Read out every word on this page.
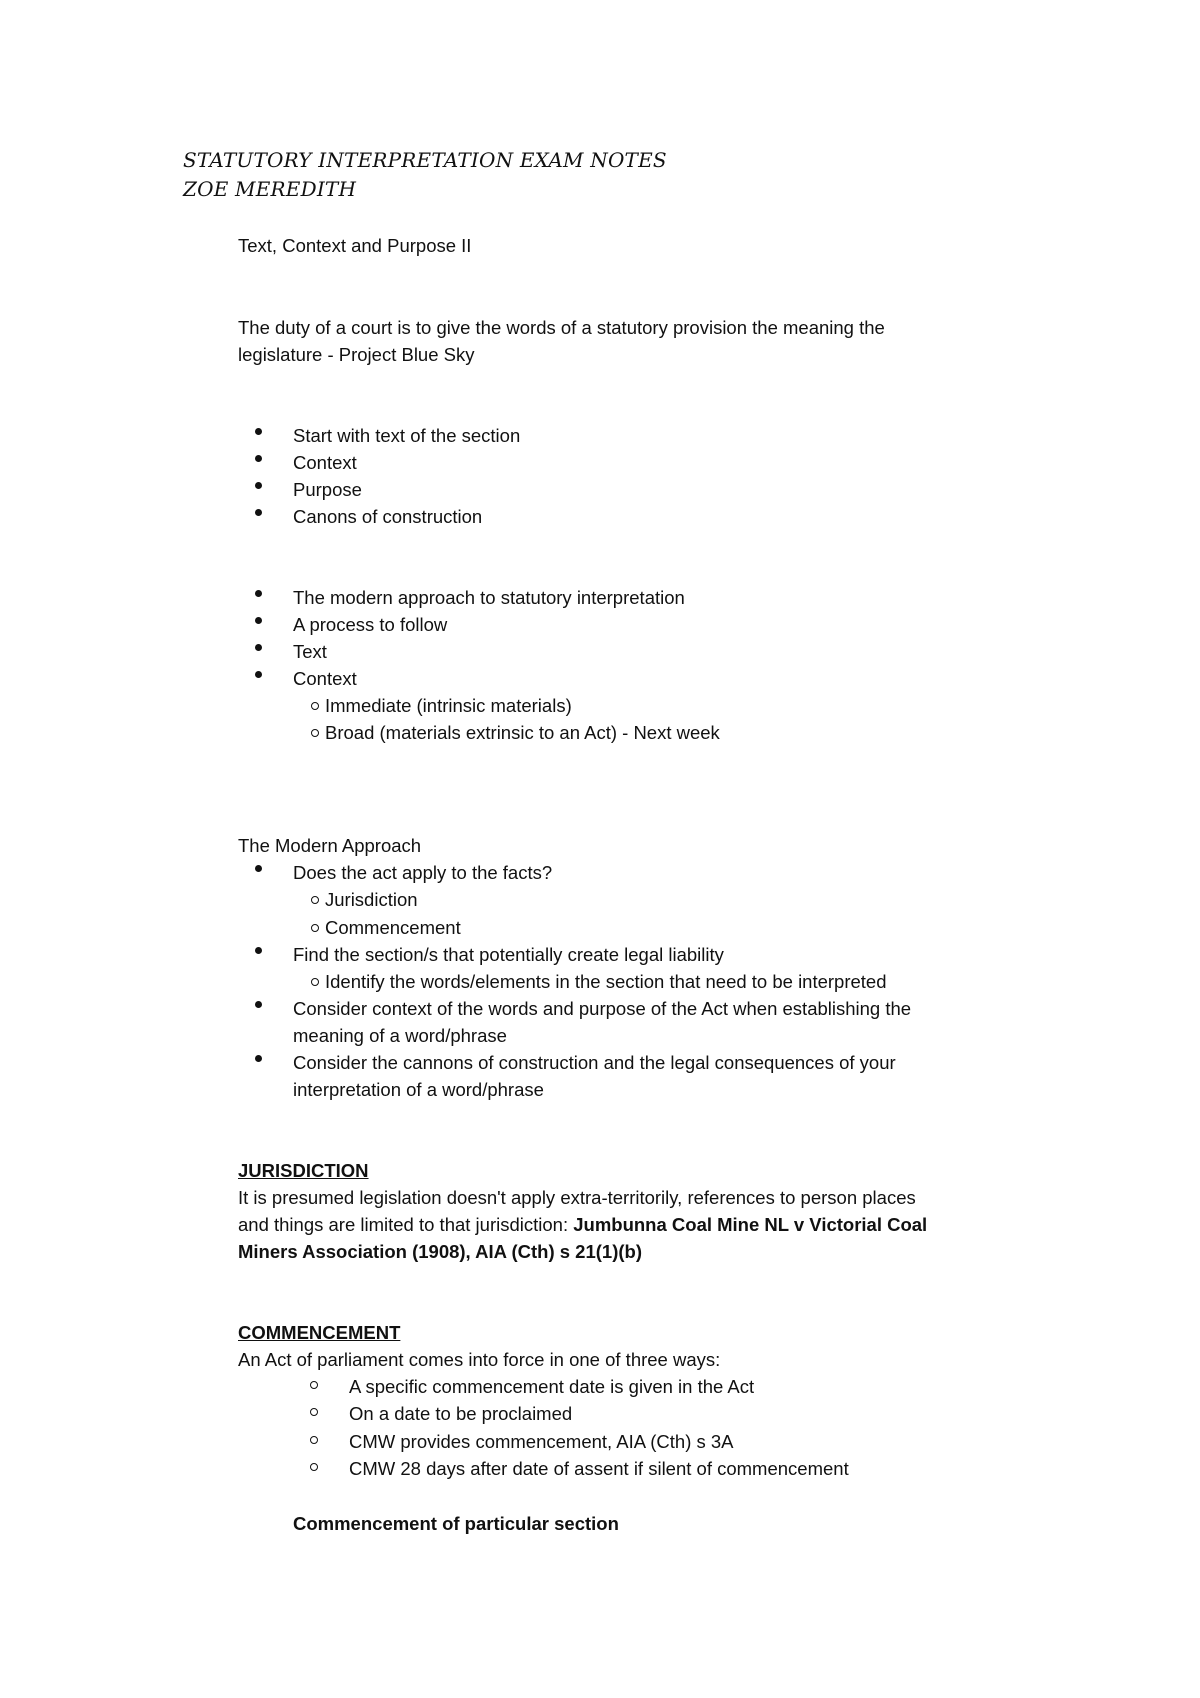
STATUTORY INTERPRETATION EXAM NOTES
ZOE MEREDITH
Text, Context and Purpose II
The duty of a court is to give the words of a statutory provision the meaning the
legislature - Project Blue Sky
Start with text of the section
Context
Purpose
Canons of construction
The modern approach to statutory interpretation
A process to follow
Text
Context
Immediate (intrinsic materials)
Broad (materials extrinsic to an Act) - Next week
The Modern Approach
Does the act apply to the facts?
Jurisdiction
Commencement
Find the section/s that potentially create legal liability
Identify the words/elements in the section that need to be interpreted
Consider context of the words and purpose of the Act when establishing the
meaning of a word/phrase
Consider the cannons of construction and the legal consequences of your
interpretation of a word/phrase
JURISDICTION
It is presumed legislation doesn't apply extra-territorily, references to person places
and things are limited to that jurisdiction: Jumbunna Coal Mine NL v Victorial Coal
Miners Association (1908), AIA (Cth) s 21(1)(b)
COMMENCEMENT
An Act of parliament comes into force in one of three ways:
A specific commencement date is given in the Act
On a date to be proclaimed
CMW provides commencement, AIA (Cth) s 3A
CMW 28 days after date of assent if silent of commencement
Commencement of particular section
